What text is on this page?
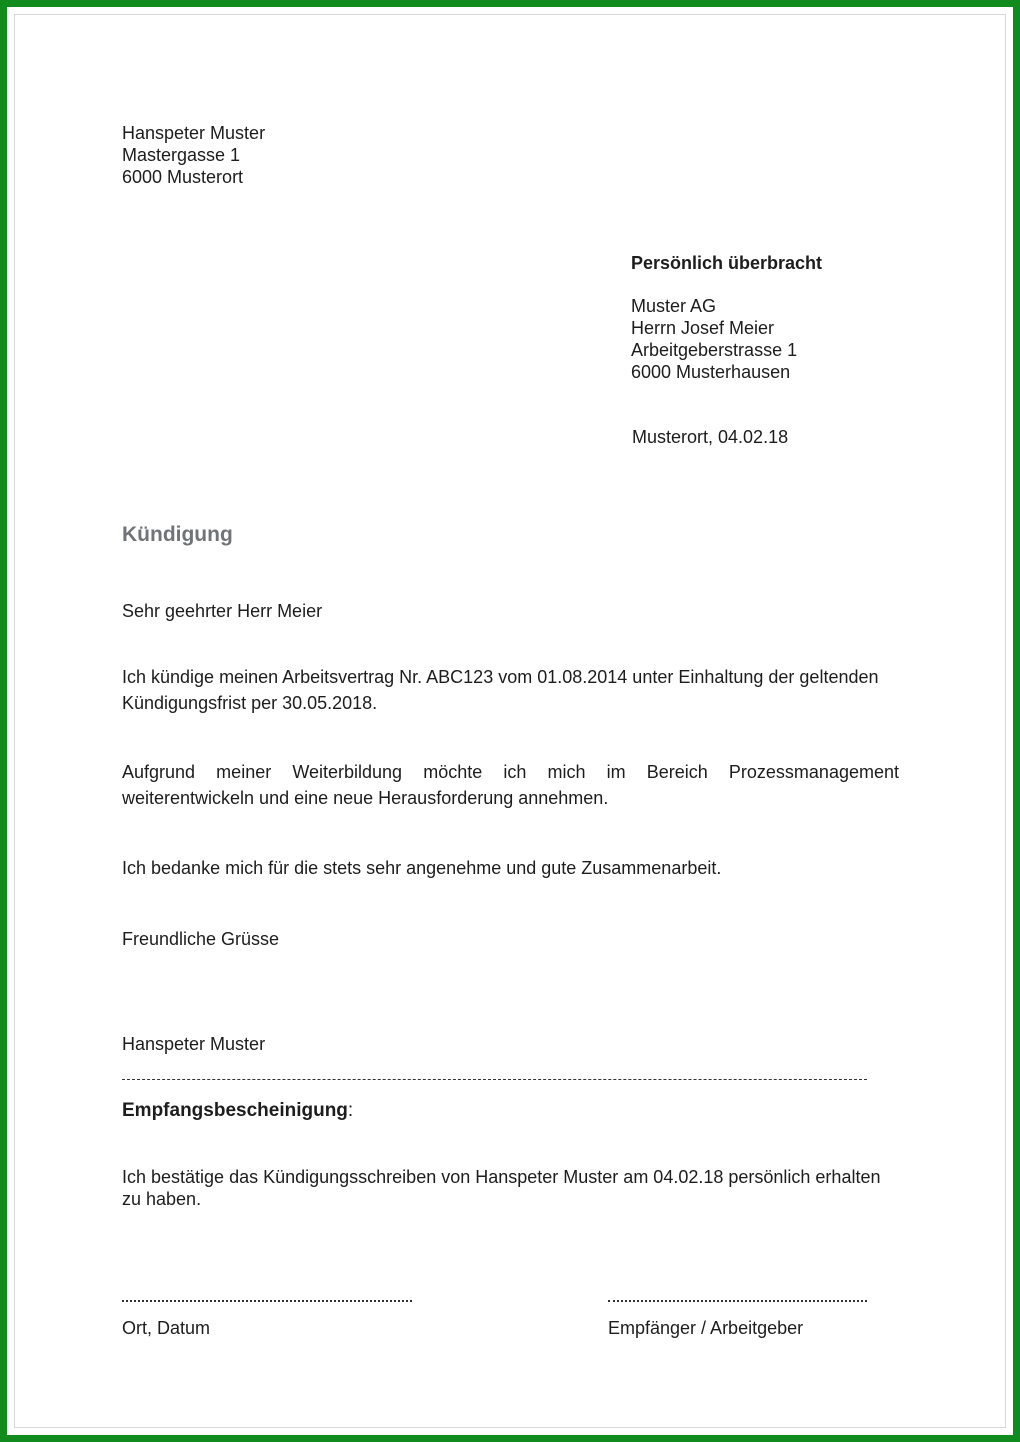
Hanspeter Muster
Mastergasse 1
6000 Musterort
Persönlich überbracht
Muster AG
Herrn Josef Meier
Arbeitgeberstrasse 1
6000 Musterhausen
Musterort, 04.02.18
Kündigung
Sehr geehrter Herr Meier
Ich kündige meinen Arbeitsvertrag Nr. ABC123 vom 01.08.2014 unter Einhaltung der geltenden Kündigungsfrist per 30.05.2018.
Aufgrund meiner Weiterbildung möchte ich mich im Bereich Prozessmanagement weiterentwickeln und eine neue Herausforderung annehmen.
Ich bedanke mich für die stets sehr angenehme und gute Zusammenarbeit.
Freundliche Grüsse
Hanspeter Muster
Empfangsbescheinigung:
Ich bestätige das Kündigungsschreiben von Hanspeter Muster am 04.02.18 persönlich erhalten zu haben.
Ort, Datum	Empfänger / Arbeitgeber
